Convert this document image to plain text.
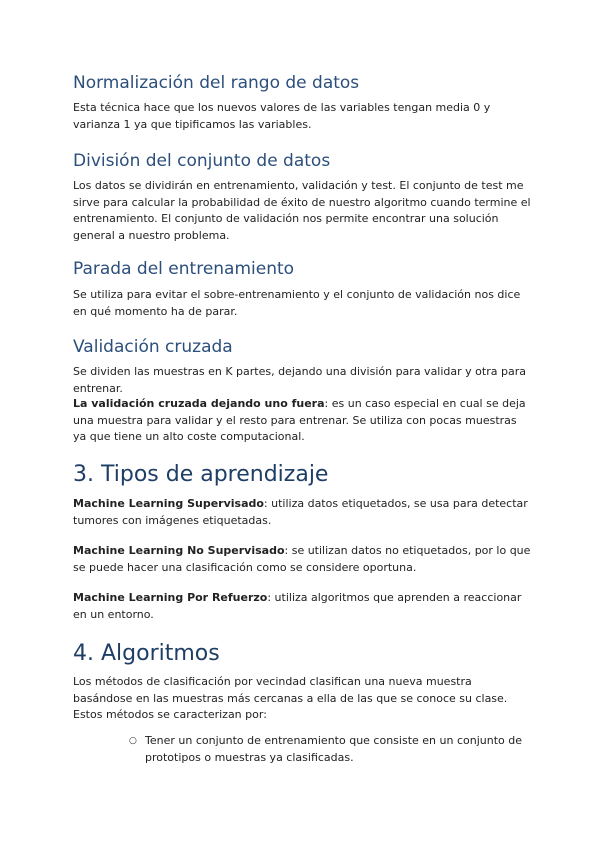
Normalización del rango de datos

Esta técnica hace que los nuevos valores de las variables tengan media 0 y varianza 1 ya que tipificamos las variables.

División del conjunto de datos

Los datos se dividirán en entrenamiento, validación y test. El conjunto de test me sirve para calcular la probabilidad de éxito de nuestro algoritmo cuando termine el entrenamiento. El conjunto de validación nos permite encontrar una solución general a nuestro problema.

Parada del entrenamiento

Se utiliza para evitar el sobre-entrenamiento y el conjunto de validación nos dice en qué momento ha de parar.

Validación cruzada

Se dividen las muestras en K partes, dejando una división para validar y otra para entrenar.

La validación cruzada dejando uno fuera: es un caso especial en cual se deja una muestra para validar y el resto para entrenar. Se utiliza con pocas muestras ya que tiene un alto coste computacional.

3. Tipos de aprendizaje

Machine Learning Supervisado: utiliza datos etiquetados, se usa para detectar tumores con imágenes etiquetadas.

Machine Learning No Supervisado: se utilizan datos no etiquetados, por lo que se puede hacer una clasificación como se considere oportuna.

Machine Learning Por Refuerzo: utiliza algoritmos que aprenden a reaccionar en un entorno.

4. Algoritmos

Los métodos de clasificación por vecindad clasifican una nueva muestra basándose en las muestras más cercanas a ella de las que se conoce su clase. Estos métodos se caracterizan por:

○ Tener un conjunto de entrenamiento que consiste en un conjunto de prototipos o muestras ya clasificadas.
